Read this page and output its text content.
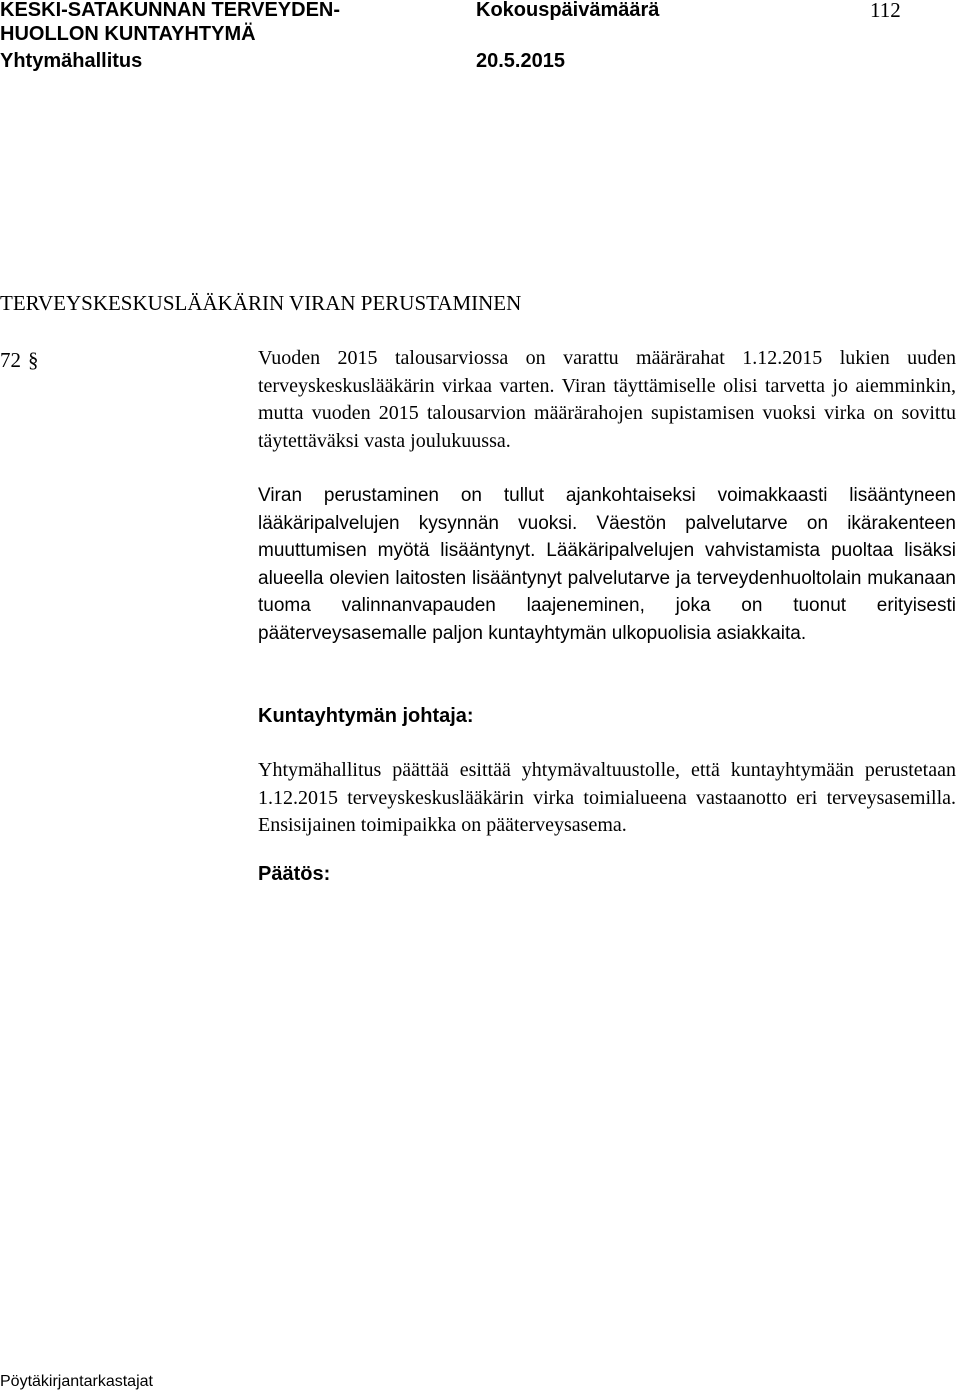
KESKI-SATAKUNNAN TERVEYDEN-
HUOLLON KUNTAYHTYMÄ
Yhtymähallitus
Kokouspäivämäärä
20.5.2015
112
TERVEYSKESKUSLÄÄKÄRIN VIRAN PERUSTAMINEN
72 §	Vuoden 2015 talousarviossa on varattu määrärahat 1.12.2015 lukien uuden terveyskeskuslääkärin virkaa varten. Viran täyttämiselle olisi tarvetta jo aiemminkin, mutta vuoden 2015 talousarvion määrärahojen supistamisen vuoksi virka on sovittu täytettäväksi vasta joulukuussa.

Viran perustaminen on tullut ajankohtaiseksi voimakkaasti lisääntyneen lääkäripalvelujen kysynnän vuoksi. Väestön palvelutarve on ikärakenteen muuttumisen myötä lisääntynyt. Lääkäripalvelujen vahvistamista puoltaa lisäksi alueella olevien laitosten lisääntynyt palvelutarve ja terveydenhuoltolain mukanaan tuoma valinnanvapauden laajeneminen, joka on tuonut erityisesti pääterveysasemalle paljon kuntayhtymän ulkopuolisia asiakkaita.

Kuntayhtymän johtaja:

Yhtymähallitus päättää esittää yhtymävaltuustolle, että kuntayhtymään perustetaan 1.12.2015 terveyskeskuslääkärin virka toimialueena vastaanotto eri terveysasemilla. Ensisijainen toimipaikka on pääterveysasema.

Päätös:
Pöytäkirjantarkastajat
